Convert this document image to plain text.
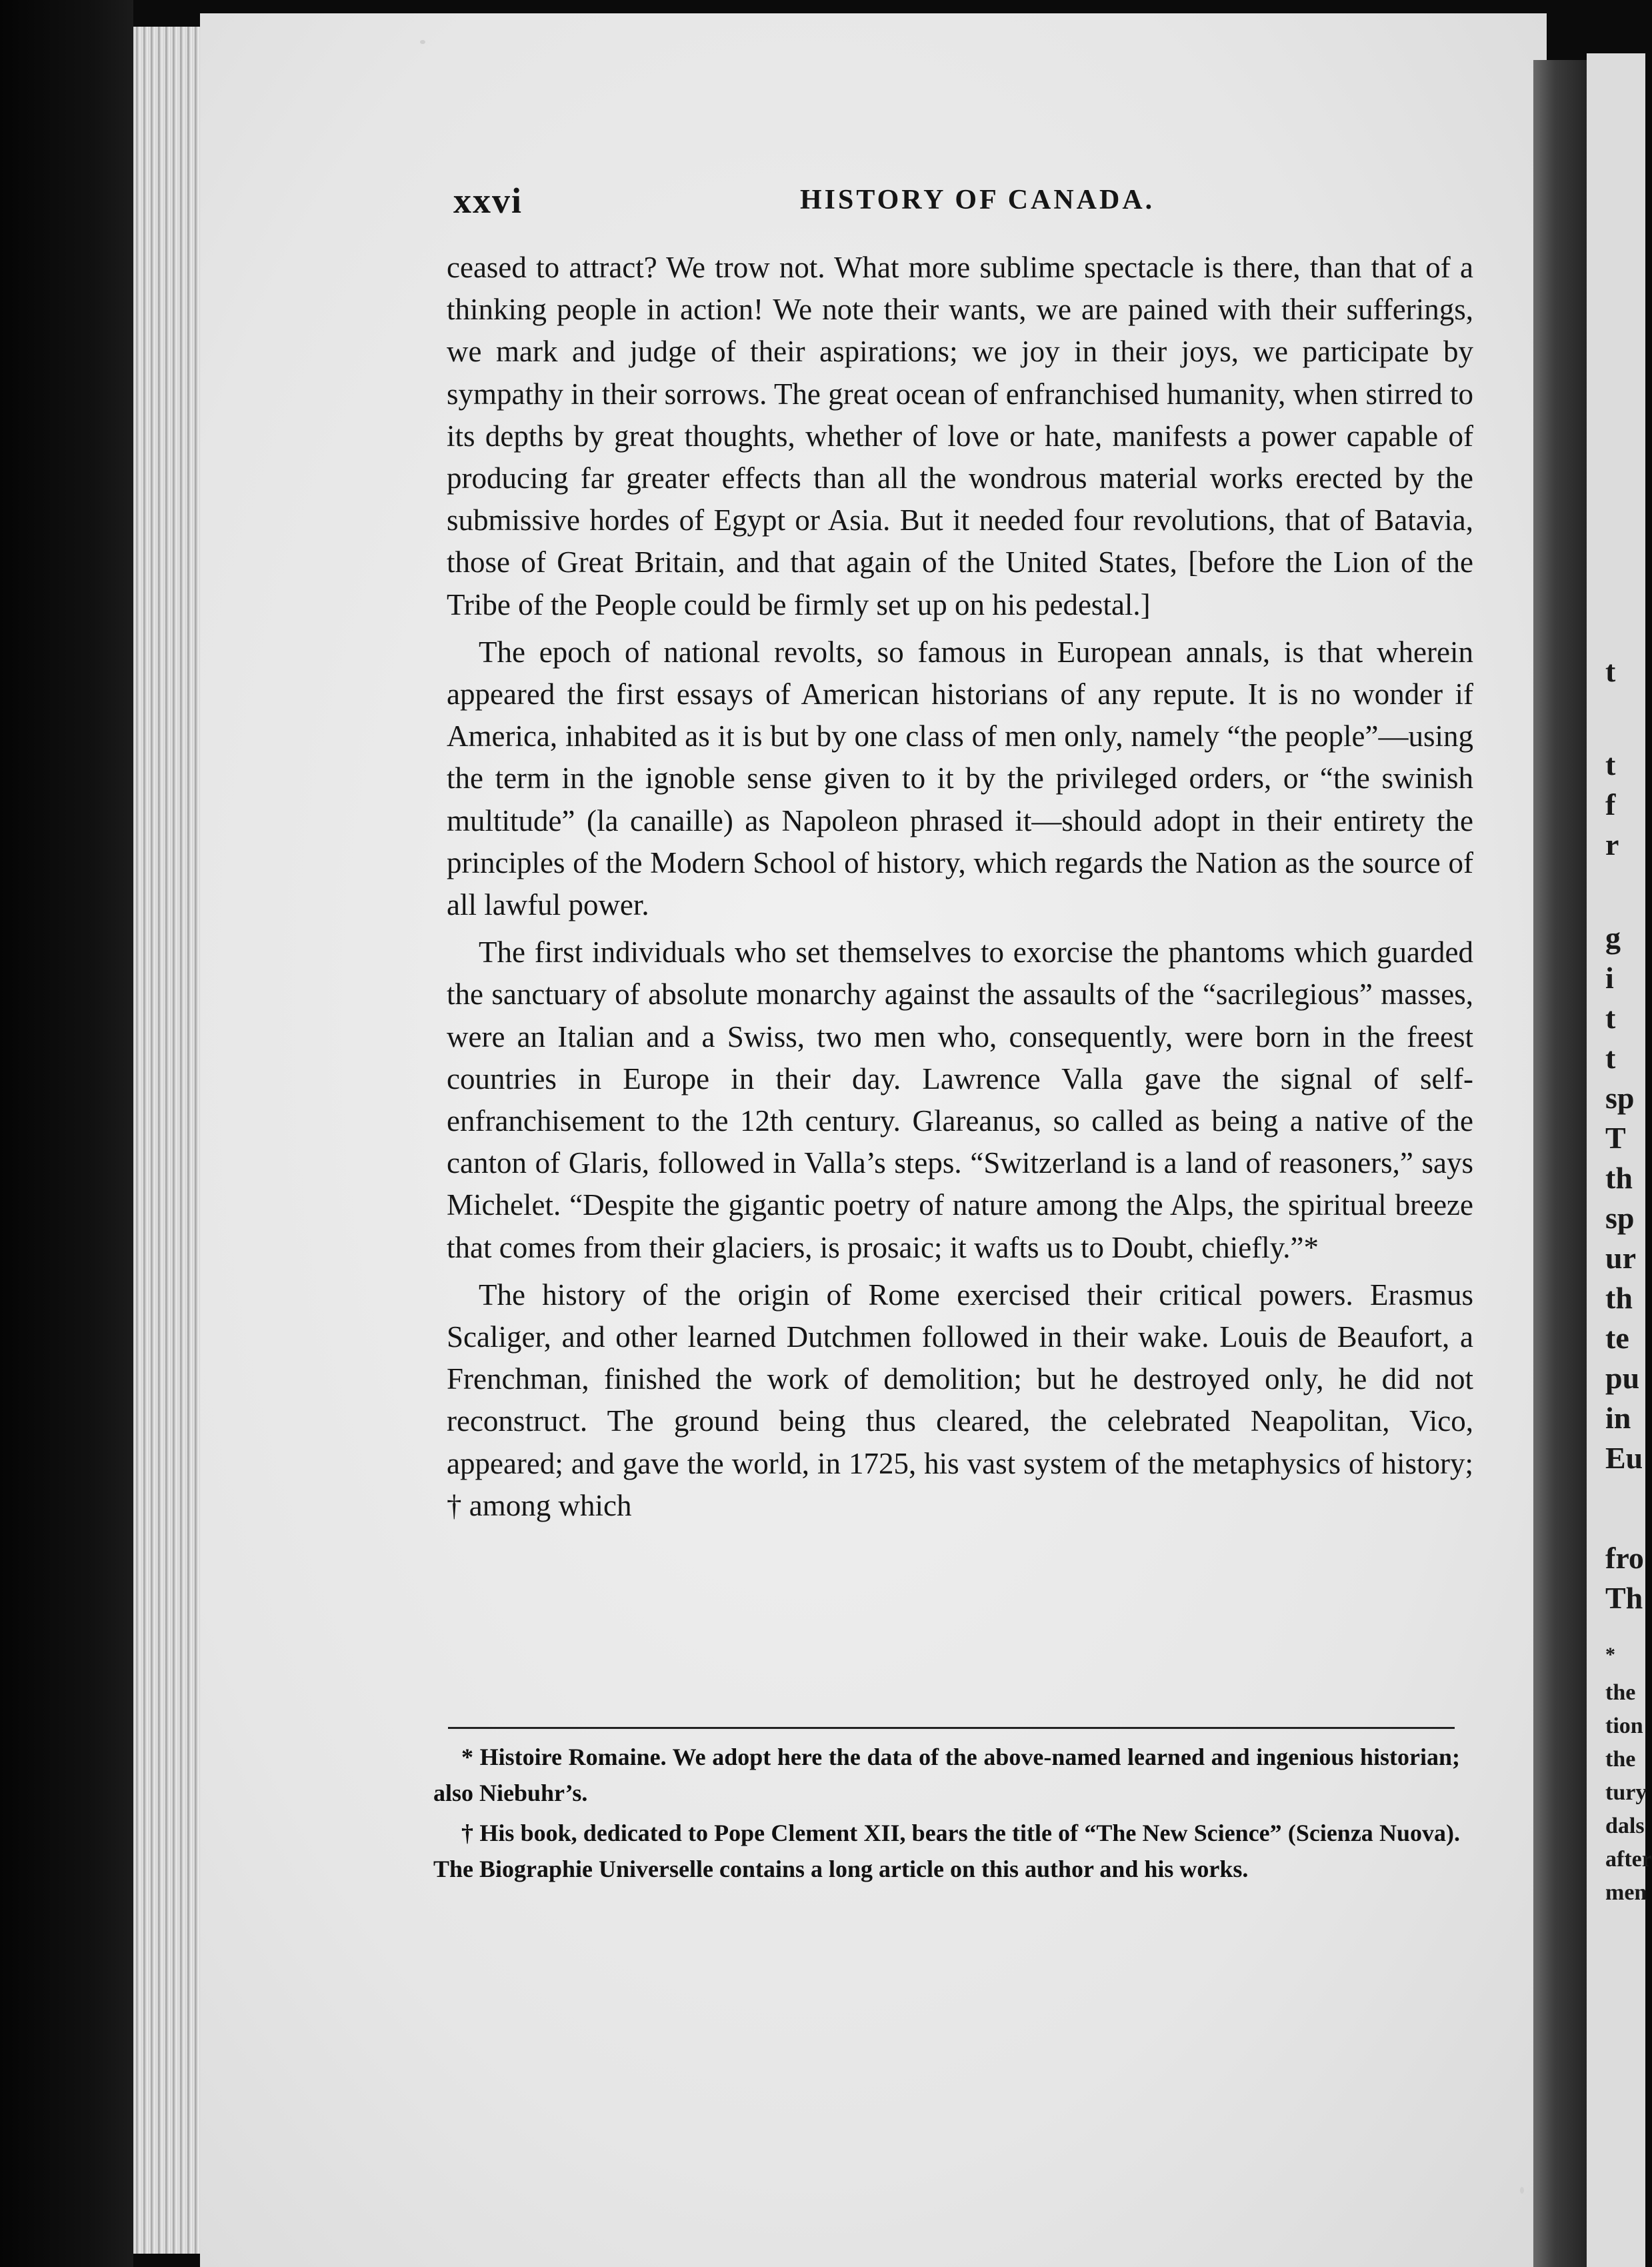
xxvi	HISTORY OF CANADA.

ceased to attract? We trow not. What more sublime spectacle is there, than that of a thinking people in action! We note their wants, we are pained with their sufferings, we mark and judge of their aspirations; we joy in their joys, we participate by sympathy in their sorrows. The great ocean of enfranchised humanity, when stirred to its depths by great thoughts, whether of love or hate, manifests a power capable of producing far greater effects than all the wondrous material works erected by the submissive hordes of Egypt or Asia. But it needed four revolutions, that of Batavia, those of Great Britain, and that again of the United States, [before the Lion of the Tribe of the People could be firmly set up on his pedestal.]

The epoch of national revolts, so famous in European annals, is that wherein appeared the first essays of American historians of any repute. It is no wonder if America, inhabited as it is but by one class of men only, namely “the people”—using the term in the ignoble sense given to it by the privileged orders, or “the swinish multitude” (la canaille) as Napoleon phrased it—should adopt in their entirety the principles of the Modern School of history, which regards the Nation as the source of all lawful power.

The first individuals who set themselves to exorcise the phantoms which guarded the sanctuary of absolute monarchy against the assaults of the “sacrilegious” masses, were an Italian and a Swiss, two men who, consequently, were born in the freest countries in Europe in their day. Lawrence Valla gave the signal of self-enfranchisement to the 12th century. Glareanus, so called as being a native of the canton of Glaris, followed in Valla’s steps. “Switzerland is a land of reasoners,” says Michelet. “Despite the gigantic poetry of nature among the Alps, the spiritual breeze that comes from their glaciers, is prosaic; it wafts us to Doubt, chiefly.”*

The history of the origin of Rome exercised their critical powers. Erasmus Scaliger, and other learned Dutchmen followed in their wake. Louis de Beaufort, a Frenchman, finished the work of demolition; but he destroyed only, he did not reconstruct. The ground being thus cleared, the celebrated Neapolitan, Vico, appeared; and gave the world, in 1725, his vast system of the metaphysics of history; † among which

* Histoire Romaine. We adopt here the data of the above-named learned and ingenious historian; also Niebuhr’s.

† His book, dedicated to Pope Clement XII, bears the title of “The New Science” (Scienza Nuova). The Biographie Universelle contains a long article on this author and his works.

t
t
f
r
g
i
t
t
sp
T
th
sp
ur
th
te
pu
in
Eu
fro
Th
*
the
tion
the
tury
dals
after
men
